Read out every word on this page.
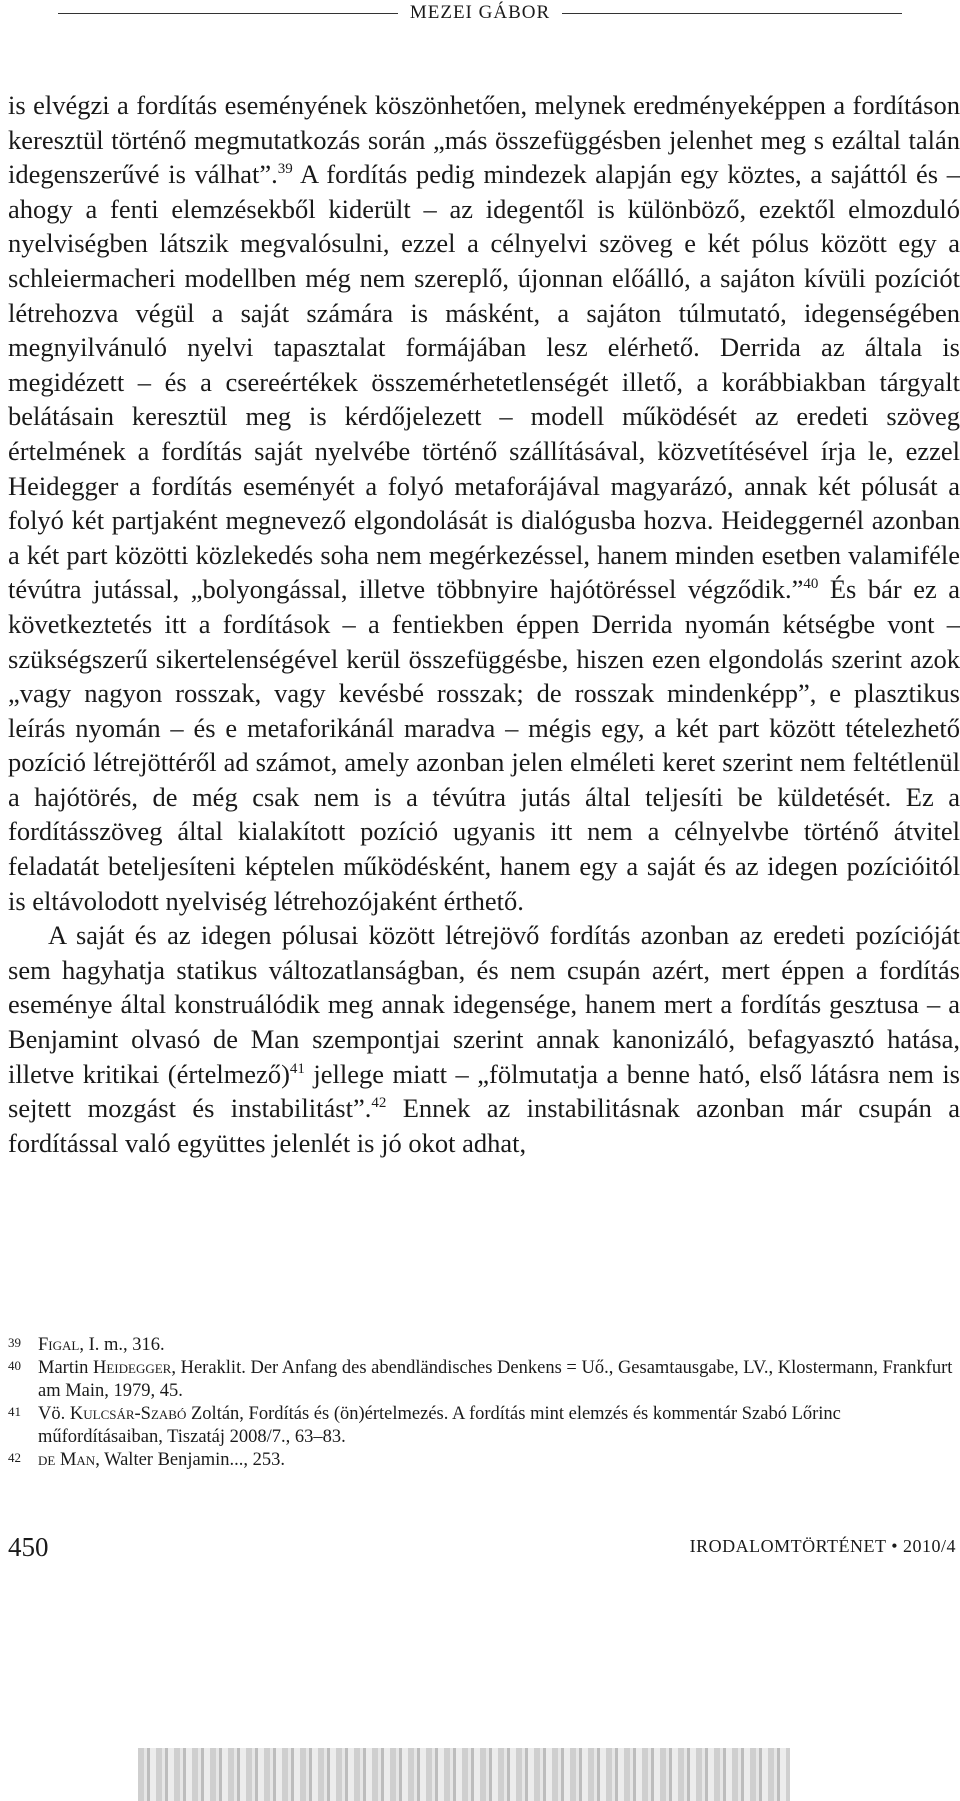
MEZEI GÁBOR

is elvégzi a fordítás eseményének köszönhetően, melynek eredményeképpen a fordításon keresztül történő megmutatkozás során „más összefüggésben jelenhet meg s ezáltal talán idegenszerűvé is válhat”.$^{39}$ A fordítás pedig mindezek alapján egy köztes, a sajáttól és – ahogy a fenti elemzésekből kiderült – az idegentől is különböző, ezektől elmozduló nyelviségben látszik megvalósulni, ezzel a célnyelvi szöveg e két pólus között egy a schleiermacheri modellben még nem szereplő, újonnan előálló, a sajáton kívüli pozíciót létrehozva végül a saját számára is másként, a sajáton túlmutató, idegenségében megnyilvánuló nyelvi tapasztalat formájában lesz elérhető. Derrida az általa is megidézett – és a csereértékek összemérhetetlenségét illető, a korábbiakban tárgyalt belátásain keresztül meg is kérdőjelezett – modell működését az eredeti szöveg értelmének a fordítás saját nyelvébe történő szállításával, közvetítésével írja le, ezzel Heidegger a fordítás eseményét a folyó metaforájával magyarázó, annak két pólusát a folyó két partjaként megnevező elgondolását is dialógusba hozva. Heideggernél azonban a két part közötti közlekedés soha nem megérkezéssel, hanem minden esetben valamiféle tévútra jutással, „bolyongással, illetve többnyire hajótöréssel végződik.”$^{40}$ És bár ez a következtetés itt a fordítások – a fentiekben éppen Derrida nyomán kétségbe vont – szükségszerű sikertelenségével kerül összefüggésbe, hiszen ezen elgondolás szerint azok „vagy nagyon rosszak, vagy kevésbé rosszak; de rosszak mindenképp”, e plasztikus leírás nyomán – és e metaforikánál maradva – mégis egy, a két part között tételezhető pozíció létrejöttéről ad számot, amely azonban jelen elméleti keret szerint nem feltétlenül a hajótörés, de még csak nem is a tévútra jutás által teljesíti be küldetését. Ez a fordításszöveg által kialakított pozíció ugyanis itt nem a célnyelvbe történő átvitel feladatát beteljesíteni képtelen működésként, hanem egy a saját és az idegen pozícióitól is eltávolodott nyelviség létrehozójaként érthető.

A saját és az idegen pólusai között létrejövő fordítás azonban az eredeti pozícióját sem hagyhatja statikus változatlanságban, és nem csupán azért, mert éppen a fordítás eseménye által konstruálódik meg annak idegensége, hanem mert a fordítás gesztusa – a Benjamint olvasó de Man szempontjai szerint annak kanonizáló, befagyasztó hatása, illetve kritikai (értelmező)$^{41}$ jellege miatt – „fölmutatja a benne ható, első látásra nem is sejtett mozgást és instabilitást”.$^{42}$ Ennek az instabilitásnak azonban már csupán a fordítással való együttes jelenlét is jó okot adhat,

39 Figal, I. m., 316.
40 Martin Heidegger, Heraklit. Der Anfang des abendländisches Denkens = Uő., Gesamtausgabe, LV., Klostermann, Frankfurt am Main, 1979, 45.
41 Vö. Kulcsár-Szabó Zoltán, Fordítás és (ön)értelmezés. A fordítás mint elemzés és kommentár Szabó Lőrinc műfordításaiban, Tiszatáj 2008/7., 63–83.
42 de Man, Walter Benjamin..., 253.
450	IRODALOMTÖRTÉNET • 2010/4
